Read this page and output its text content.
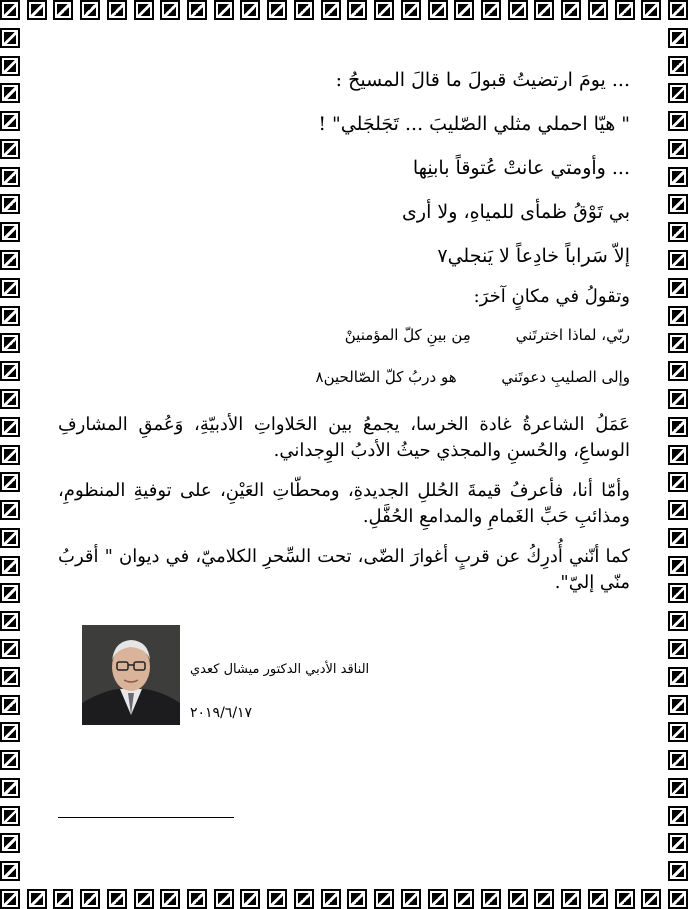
... يومَ ارتضيتُ قبولَ ما قالَ المسيحُ :
" هيّا احملي مثلي الصّليبَ ... تَجَلجَلي" !
... وأومتي عانتْ عُتوقاً بابنِها
بي تَوْقُ ظمأى للمياهِ، ولا أرى
إلاّ سَراباً خادِعاً لا يَنجلي٧
وتقولُ في مكانٍ آخرَ:
ربّي، لماذا اخترتَني مِن بينِ كلّ المؤمنينْ
وإلى الصليبِ دعوتَني هو دربُ كلّ الصّالحين٨
عَمَلُ الشاعرةُ غادة الخرسا، يجمعُ بين الحَلاواتِ الأدبيّةِ، وَعُمقِ المشارفِ الوساعِ، والحُسنِ والمجذي حيثُ الأدبُ الوِجداني.
وأمّا أنا، فأعرفُ قيمةَ الحُللِ الجديدةِ، ومحطّاتِ العَيْنِ، على توفيةِ المنظومِ، ومذائبِ حَبِّ الغَمامِ والمدامعِ الحُفَّلِ.
كما أنّني أُدرِكُ عن قربٍ أغوارَ الضّى، تحت السِّحرِ الكلاميّ، في ديوان " أقربُ منّي إليّ".
الناقد الأدبي الدكتور ميشال كعدي
٢٠١٩/٦/١٧
